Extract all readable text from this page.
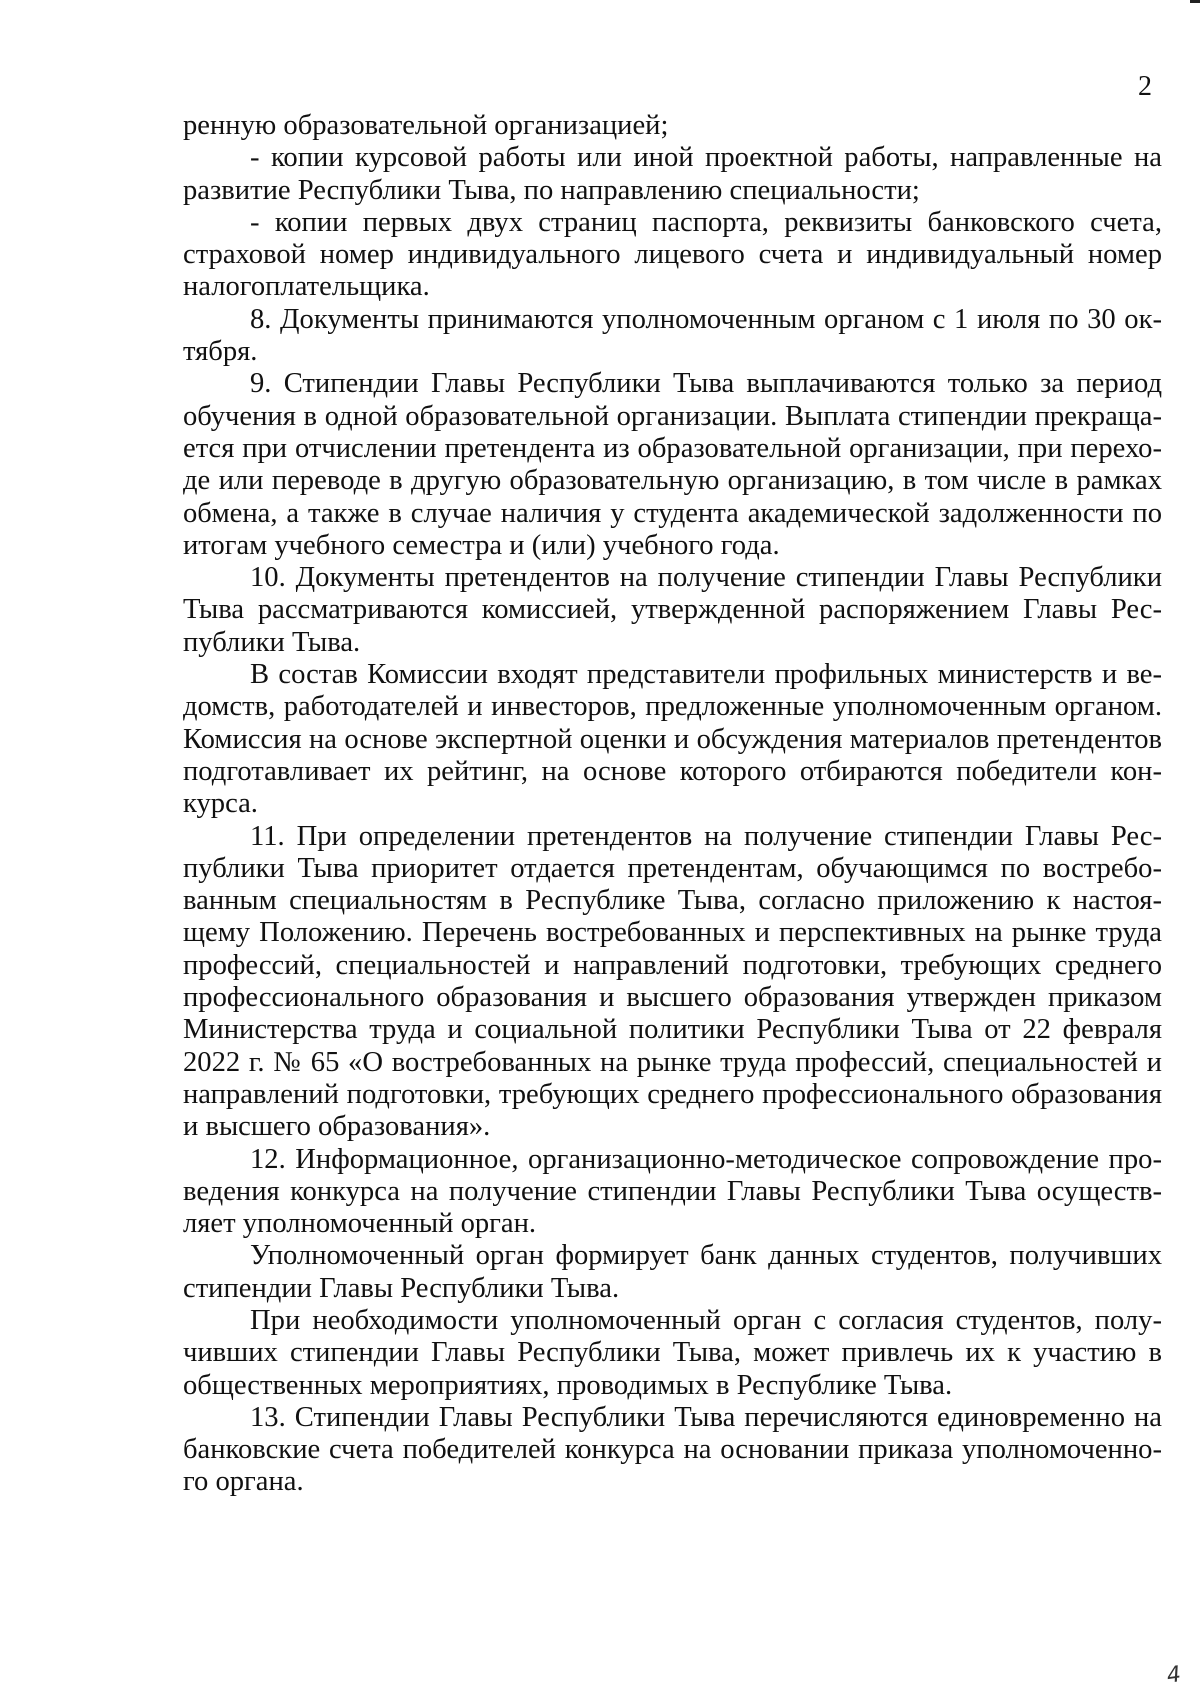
2

ренную образовательной организацией;

- копии курсовой работы или иной проектной работы, направленные на развитие Республики Тыва, по направлению специальности;

- копии первых двух страниц паспорта, реквизиты банковского счета, страховой номер индивидуального лицевого счета и индивидуальный номер налогоплательщика.

8. Документы принимаются уполномоченным органом с 1 июля по 30 октября.

9. Стипендии Главы Республики Тыва выплачиваются только за период обучения в одной образовательной организации. Выплата стипендии прекращается при отчислении претендента из образовательной организации, при переходе или переводе в другую образовательную организацию, в том числе в рамках обмена, а также в случае наличия у студента академической задолженности по итогам учебного семестра и (или) учебного года.

10. Документы претендентов на получение стипендии Главы Республики Тыва рассматриваются комиссией, утвержденной распоряжением Главы Республики Тыва.

В состав Комиссии входят представители профильных министерств и ведомств, работодателей и инвесторов, предложенные уполномоченным органом. Комиссия на основе экспертной оценки и обсуждения материалов претендентов подготавливает их рейтинг, на основе которого отбираются победители конкурса.

11. При определении претендентов на получение стипендии Главы Республики Тыва приоритет отдается претендентам, обучающимся по востребованным специальностям в Республике Тыва, согласно приложению к настоящему Положению. Перечень востребованных и перспективных на рынке труда профессий, специальностей и направлений подготовки, требующих среднего профессионального образования и высшего образования утвержден приказом Министерства труда и социальной политики Республики Тыва от 22 февраля 2022 г. № 65 «О востребованных на рынке труда профессий, специальностей и направлений подготовки, требующих среднего профессионального образования и высшего образования».

12. Информационное, организационно-методическое сопровождение проведения конкурса на получение стипендии Главы Республики Тыва осуществляет уполномоченный орган.

Уполномоченный орган формирует банк данных студентов, получивших стипендии Главы Республики Тыва.

При необходимости уполномоченный орган с согласия студентов, получивших стипендии Главы Республики Тыва, может привлечь их к участию в общественных мероприятиях, проводимых в Республике Тыва.

13. Стипендии Главы Республики Тыва перечисляются единовременно на банковские счета победителей конкурса на основании приказа уполномоченного органа.

4
